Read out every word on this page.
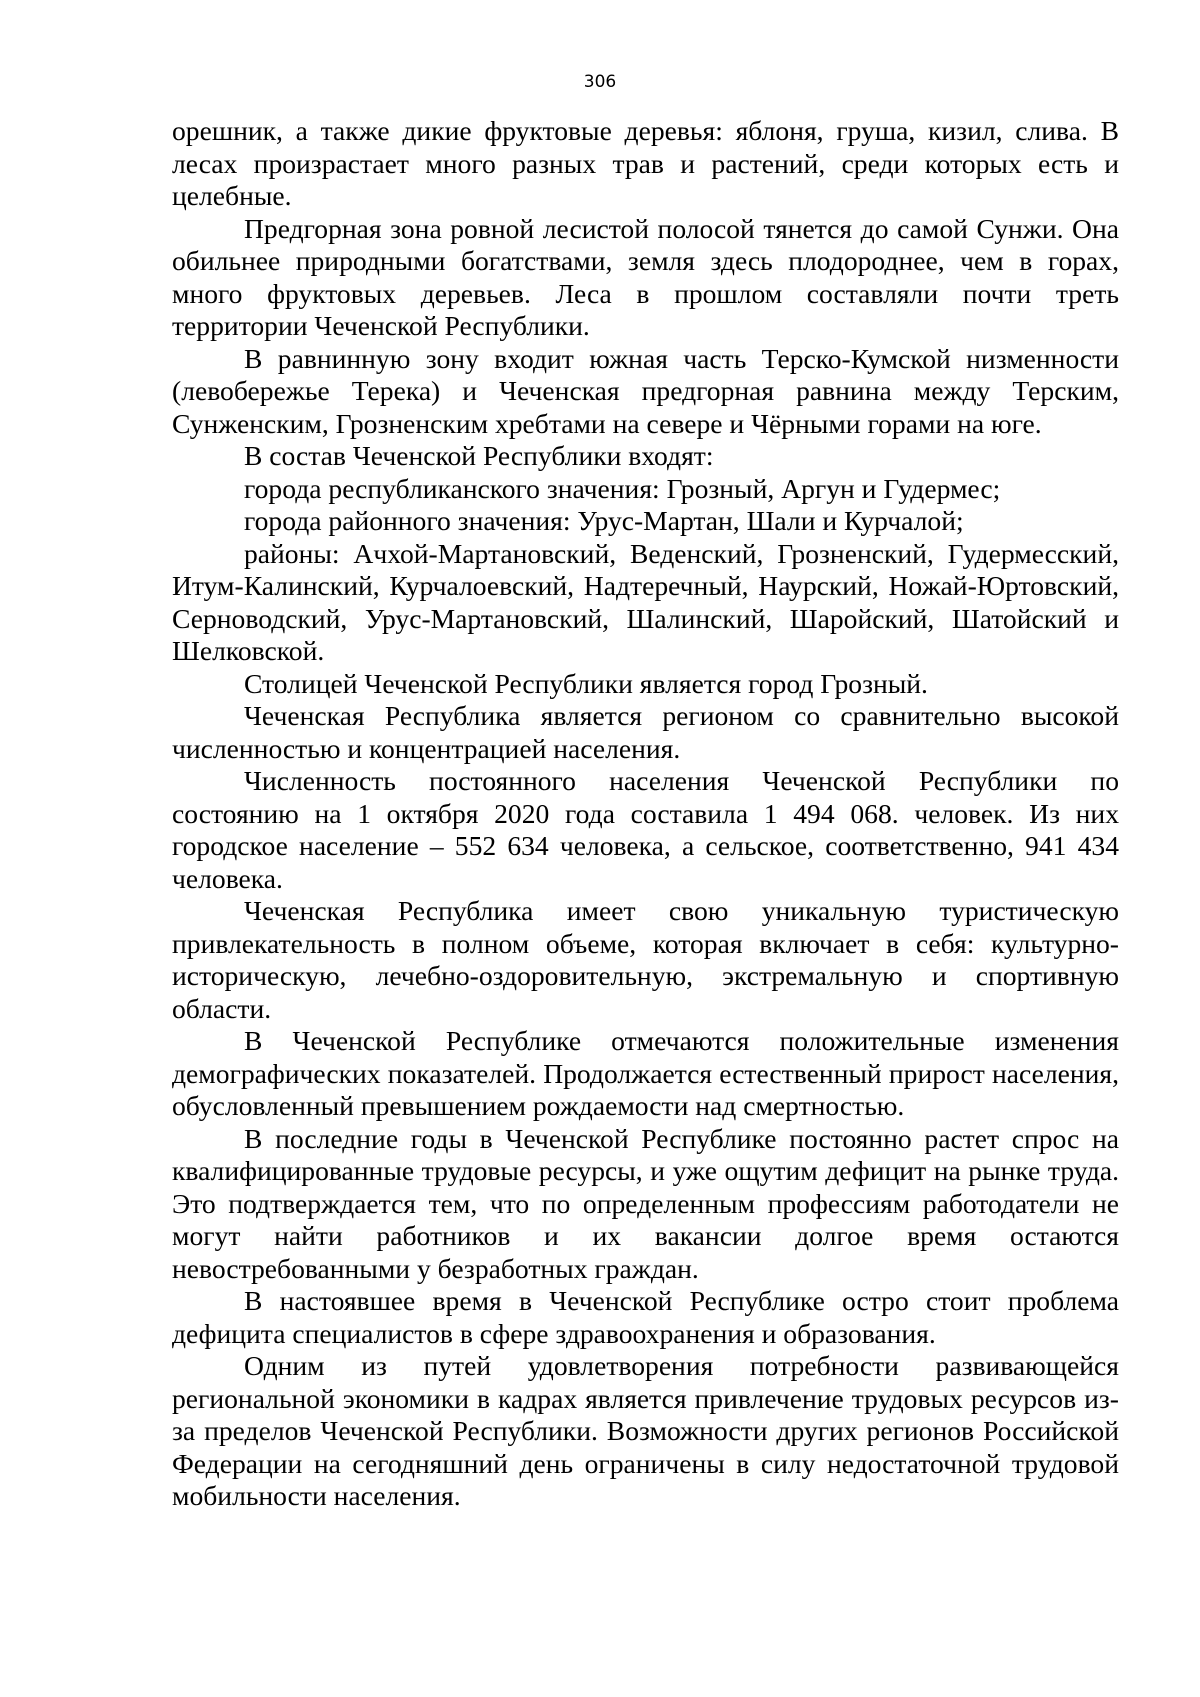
306

орешник, а также дикие фруктовые деревья: яблоня, груша, кизил, слива. В лесах произрастает много разных трав и растений, среди которых есть и целебные.

Предгорная зона ровной лесистой полосой тянется до самой Сунжи. Она обильнее природными богатствами, земля здесь плодороднее, чем в горах, много фруктовых деревьев. Леса в прошлом составляли почти треть территории Чеченской Республики.

В равнинную зону входит южная часть Терско-Кумской низменности (левобережье Терека) и Чеченская предгорная равнина между Терским, Сунженским, Грозненским хребтами на севере и Чёрными горами на юге.

В состав Чеченской Республики входят:

города республиканского значения: Грозный, Аргун и Гудермес;

города районного значения: Урус-Мартан, Шали и Курчалой;

районы: Ачхой-Мартановский, Веденский, Грозненский, Гудермесский, Итум-Калинский, Курчалоевский, Надтеречный, Наурский, Ножай-Юртовский, Серноводский, Урус-Мартановский, Шалинский, Шаройский, Шатойский и Шелковской.

Столицей Чеченской Республики является город Грозный.

Чеченская Республика является регионом со сравнительно высокой численностью и концентрацией населения.

Численность постоянного населения Чеченской Республики по состоянию на 1 октября 2020 года составила 1 494 068. человек. Из них городское население – 552 634 человека, а сельское, соответственно, 941 434 человека.

Чеченская Республика имеет свою уникальную туристическую привлекательность в полном объеме, которая включает в себя: культурно-историческую, лечебно-оздоровительную, экстремальную и спортивную области.

В Чеченской Республике отмечаются положительные изменения демографических показателей. Продолжается естественный прирост населения, обусловленный превышением рождаемости над смертностью.

В последние годы в Чеченской Республике постоянно растет спрос на квалифицированные трудовые ресурсы, и уже ощутим дефицит на рынке труда. Это подтверждается тем, что по определенным профессиям работодатели не могут найти работников и их вакансии долгое время остаются невостребованными у безработных граждан.

В настоявшее время в Чеченской Республике остро стоит проблема дефицита специалистов в сфере здравоохранения и образования.

Одним из путей удовлетворения потребности развивающейся региональной экономики в кадрах является привлечение трудовых ресурсов из-за пределов Чеченской Республики. Возможности других регионов Российской Федерации на сегодняшний день ограничены в силу недостаточной трудовой мобильности населения.
